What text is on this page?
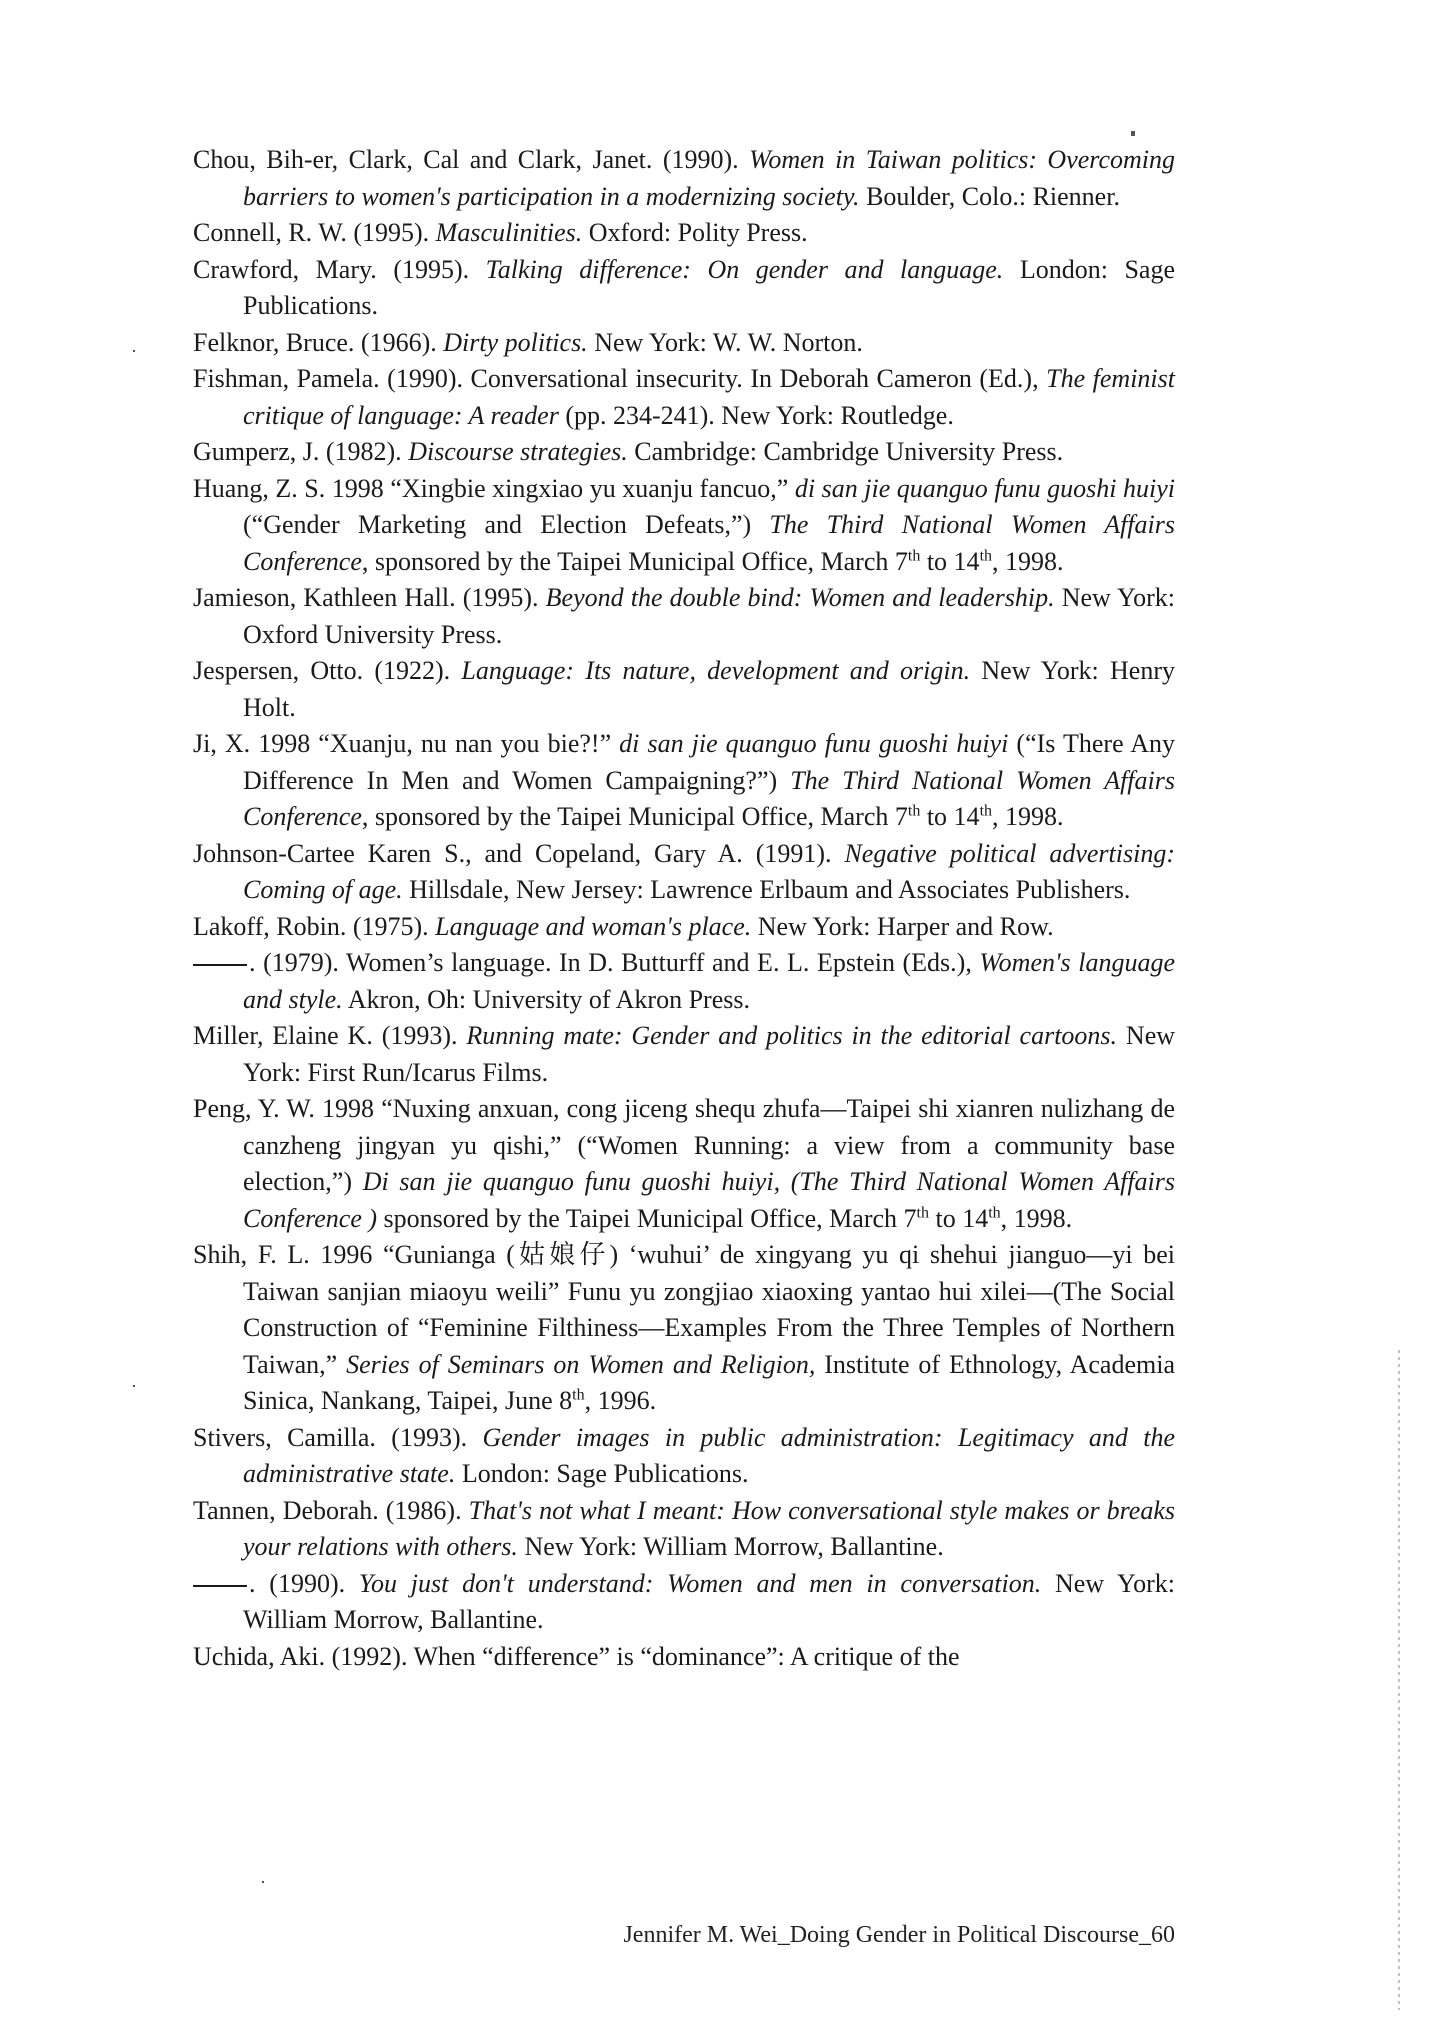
Chou, Bih-er, Clark, Cal and Clark, Janet. (1990). Women in Taiwan politics: Overcoming barriers to women's participation in a modernizing society. Boulder, Colo.: Rienner.

Connell, R. W. (1995). Masculinities. Oxford: Polity Press.

Crawford, Mary. (1995). Talking difference: On gender and language. London: Sage Publications.

Felknor, Bruce. (1966). Dirty politics. New York: W. W. Norton.

Fishman, Pamela. (1990). Conversational insecurity. In Deborah Cameron (Ed.), The feminist critique of language: A reader (pp. 234-241). New York: Routledge.

Gumperz, J. (1982). Discourse strategies. Cambridge: Cambridge University Press.

Huang, Z. S. 1998 “Xingbie xingxiao yu xuanju fancuo,” di san jie quanguo funu guoshi huiyi (“Gender Marketing and Election Defeats,”) The Third National Women Affairs Conference, sponsored by the Taipei Municipal Office, March 7th to 14th, 1998.

Jamieson, Kathleen Hall. (1995). Beyond the double bind: Women and leadership. New York: Oxford University Press.

Jespersen, Otto. (1922). Language: Its nature, development and origin. New York: Henry Holt.

Ji, X. 1998 “Xuanju, nu nan you bie?!” di san jie quanguo funu guoshi huiyi (“Is There Any Difference In Men and Women Campaigning?”) The Third National Women Affairs Conference, sponsored by the Taipei Municipal Office, March 7th to 14th, 1998.

Johnson-Cartee Karen S., and Copeland, Gary A. (1991). Negative political advertising: Coming of age. Hillsdale, New Jersey: Lawrence Erlbaum and Associates Publishers.

Lakoff, Robin. (1975). Language and woman's place. New York: Harper and Row.

. (1979). Women’s language. In D. Butturff and E. L. Epstein (Eds.), Women's language and style. Akron, Oh: University of Akron Press.

Miller, Elaine K. (1993). Running mate: Gender and politics in the editorial cartoons. New York: First Run/Icarus Films.

Peng, Y. W. 1998 “Nuxing anxuan, cong jiceng shequ zhufa—Taipei shi xianren nulizhang de canzheng jingyan yu qishi,” (“Women Running: a view from a community base election,”) Di san jie quanguo funu guoshi huiyi, (The Third National Women Affairs Conference ) sponsored by the Taipei Municipal Office, March 7th to 14th, 1998.

Shih, F. L. 1996 “Gunianga (姑娘仔) ‘wuhui’ de xingyang yu qi shehui jianguo—yi bei Taiwan sanjian miaoyu weili” Funu yu zongjiao xiaoxing yantao hui xilei—(The Social Construction of “Feminine Filthiness—Examples From the Three Temples of Northern Taiwan,” Series of Seminars on Women and Religion, Institute of Ethnology, Academia Sinica, Nankang, Taipei, June 8th, 1996.

Stivers, Camilla. (1993). Gender images in public administration: Legitimacy and the administrative state. London: Sage Publications.

Tannen, Deborah. (1986). That's not what I meant: How conversational style makes or breaks your relations with others. New York: William Morrow, Ballantine.

. (1990). You just don't understand: Women and men in conversation. New York: William Morrow, Ballantine.

Uchida, Aki. (1992). When “difference” is “dominance”: A critique of the

Jennifer M. Wei_Doing Gender in Political Discourse_60
